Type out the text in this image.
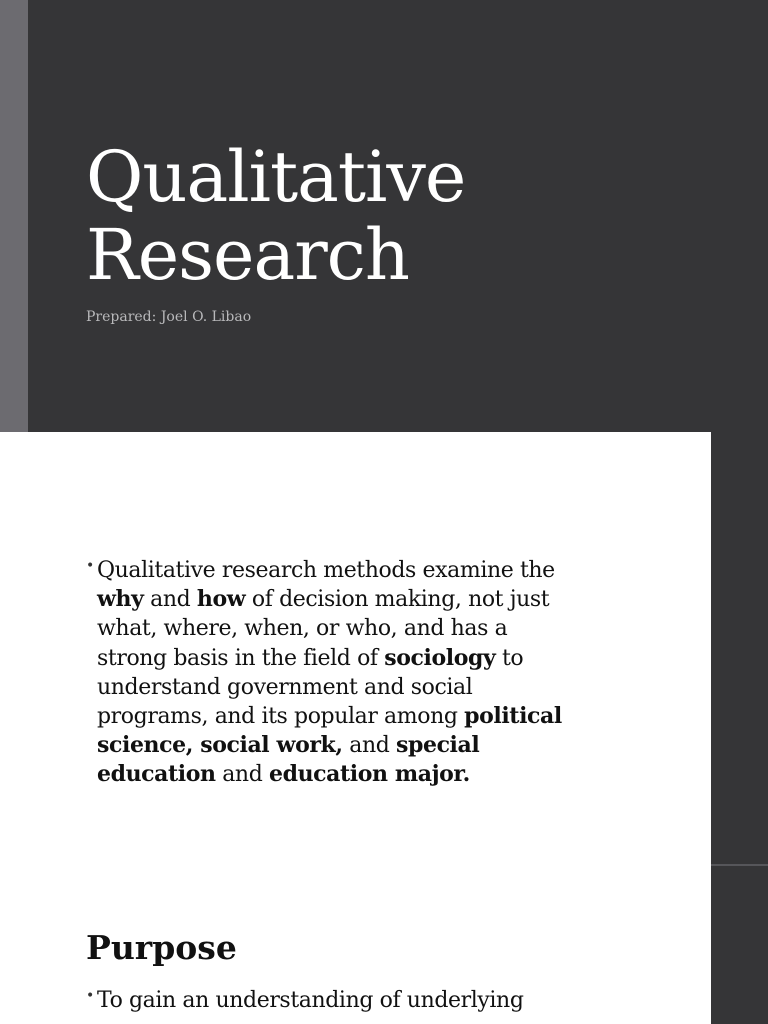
Qualitative
Research

Prepared: Joel O. Libao

• Qualitative research methods examine the
why and how of decision making, not just
what, where, when, or who, and has a
strong basis in the field of sociology to
understand government and social
programs, and its popular among political
science, social work, and special
education and education major.
Purpose
• To gain an understanding of underlying
